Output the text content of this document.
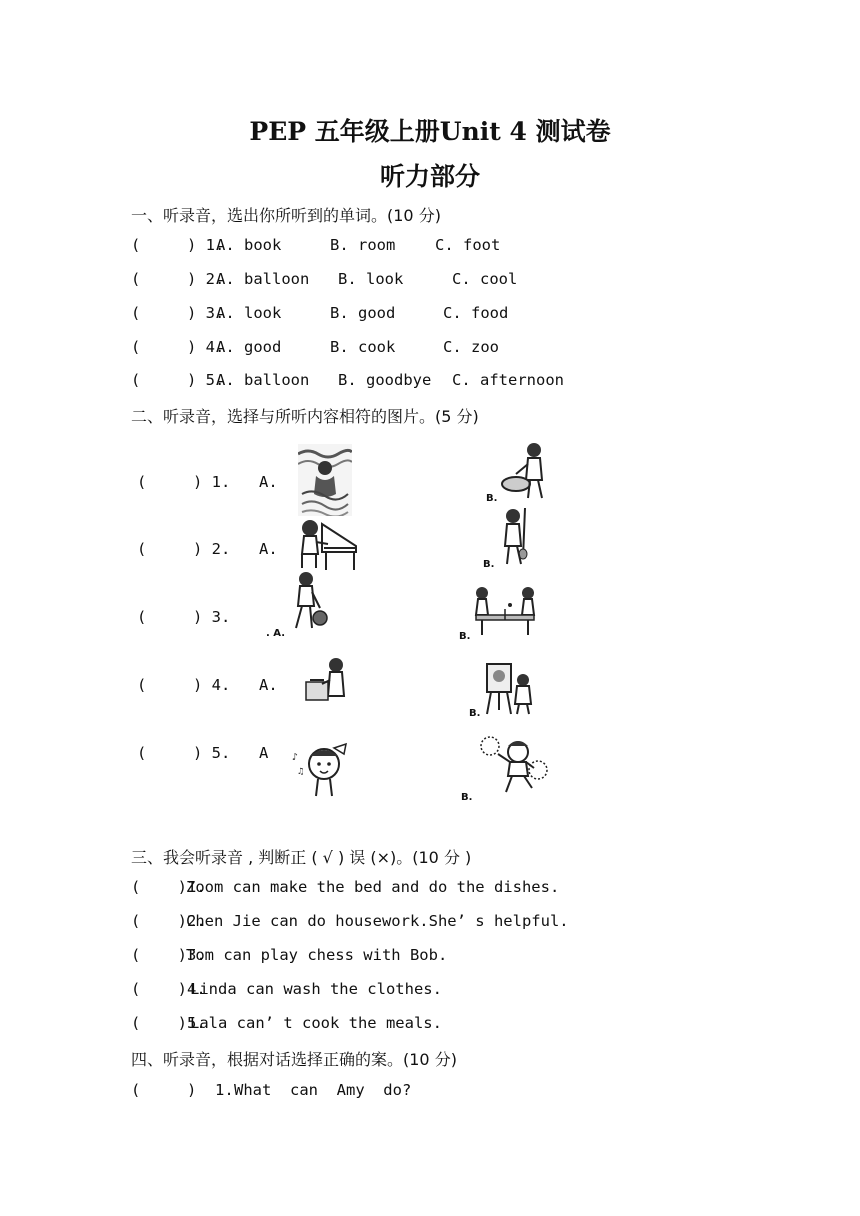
PEP 五年级上册Unit 4 测试卷
听力部分
一、听录音，选出你所听到的单词。(10 分)
(     ) 1.
A. book	B. room	C. foot
(     ) 2.
A. balloon B. look	C. cool
(     ) 3.
A. look	B. good	C. food
(     ) 4.
A. good	B. cook	C. zoo
(     ) 5.
A. balloon B. goodbye C. afternoon
二、听录音，选择与所听内容相符的图片。(5 分)
(     ) 1. A.
B.
(     ) 2. A.
B.
(     ) 3.
. A.	B.
(     ) 4. A.
B.
(     ) 5. A ♪
♫
B.
三、我会听录音 , 判断正 ( √ ) 误 (×)。(10 分 )
(    )1.
Zoom can make the bed and do the dishes.
(    )2.
Chen Jie can do housework.She’ s helpful.
(    )3.
Tom can play chess with Bob.
(    )4.
Linda can wash the clothes.
(    )5.
Lala can’ t cook the meals.
四、听录音，根据对话选择正确的案。(10 分)
(     )  1. What  can  Amy  do?
